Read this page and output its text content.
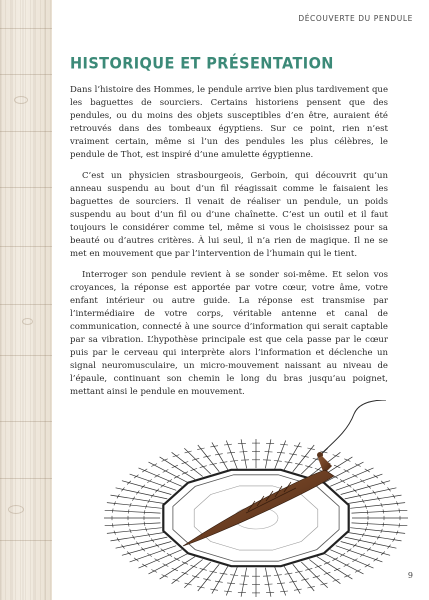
DÉCOUVERTE DU PENDULE
HISTORIQUE ET PRÉSENTATION

Dans l’histoire des Hommes, le pendule arrive bien plus tardivement que les baguettes de sourciers. Certains historiens pensent que des pendules, ou du moins des objets susceptibles d’en être, auraient été retrouvés dans des tombeaux égyptiens. Sur ce point, rien n’est vraiment certain, même si l’un des pendules les plus célèbres, le pendule de Thot, est inspiré d’une amulette égyptienne.

C’est un physicien strasbourgeois, Gerboin, qui découvrit qu’un anneau suspendu au bout d’un fil réagissait comme le faisaient les baguettes de sourciers. Il venait de réaliser un pendule, un poids suspendu au bout d’un fil ou d’une chaînette. C’est un outil et il faut toujours le considérer comme tel, même si vous le choisissez pour sa beauté ou d’autres critères. À lui seul, il n’a rien de magique. Il ne se met en mouvement que par l’intervention de l’humain qui le tient.

Interroger son pendule revient à se sonder soi-même. Et selon vos croyances, la réponse est apportée par votre cœur, votre âme, votre enfant intérieur ou autre guide. La réponse est transmise par l’intermédiaire de votre corps, véritable antenne et canal de communication, connecté à une source d’information qui serait captable par sa vibration. L’hypothèse principale est que cela passe par le cœur puis par le cerveau qui interprète alors l’information et déclenche un signal neuromusculaire, un micro-mouvement naissant au niveau de l’épaule, continuant son chemin le long du bras jusqu’au poignet, mettant ainsi le pendule en mouvement.

9
